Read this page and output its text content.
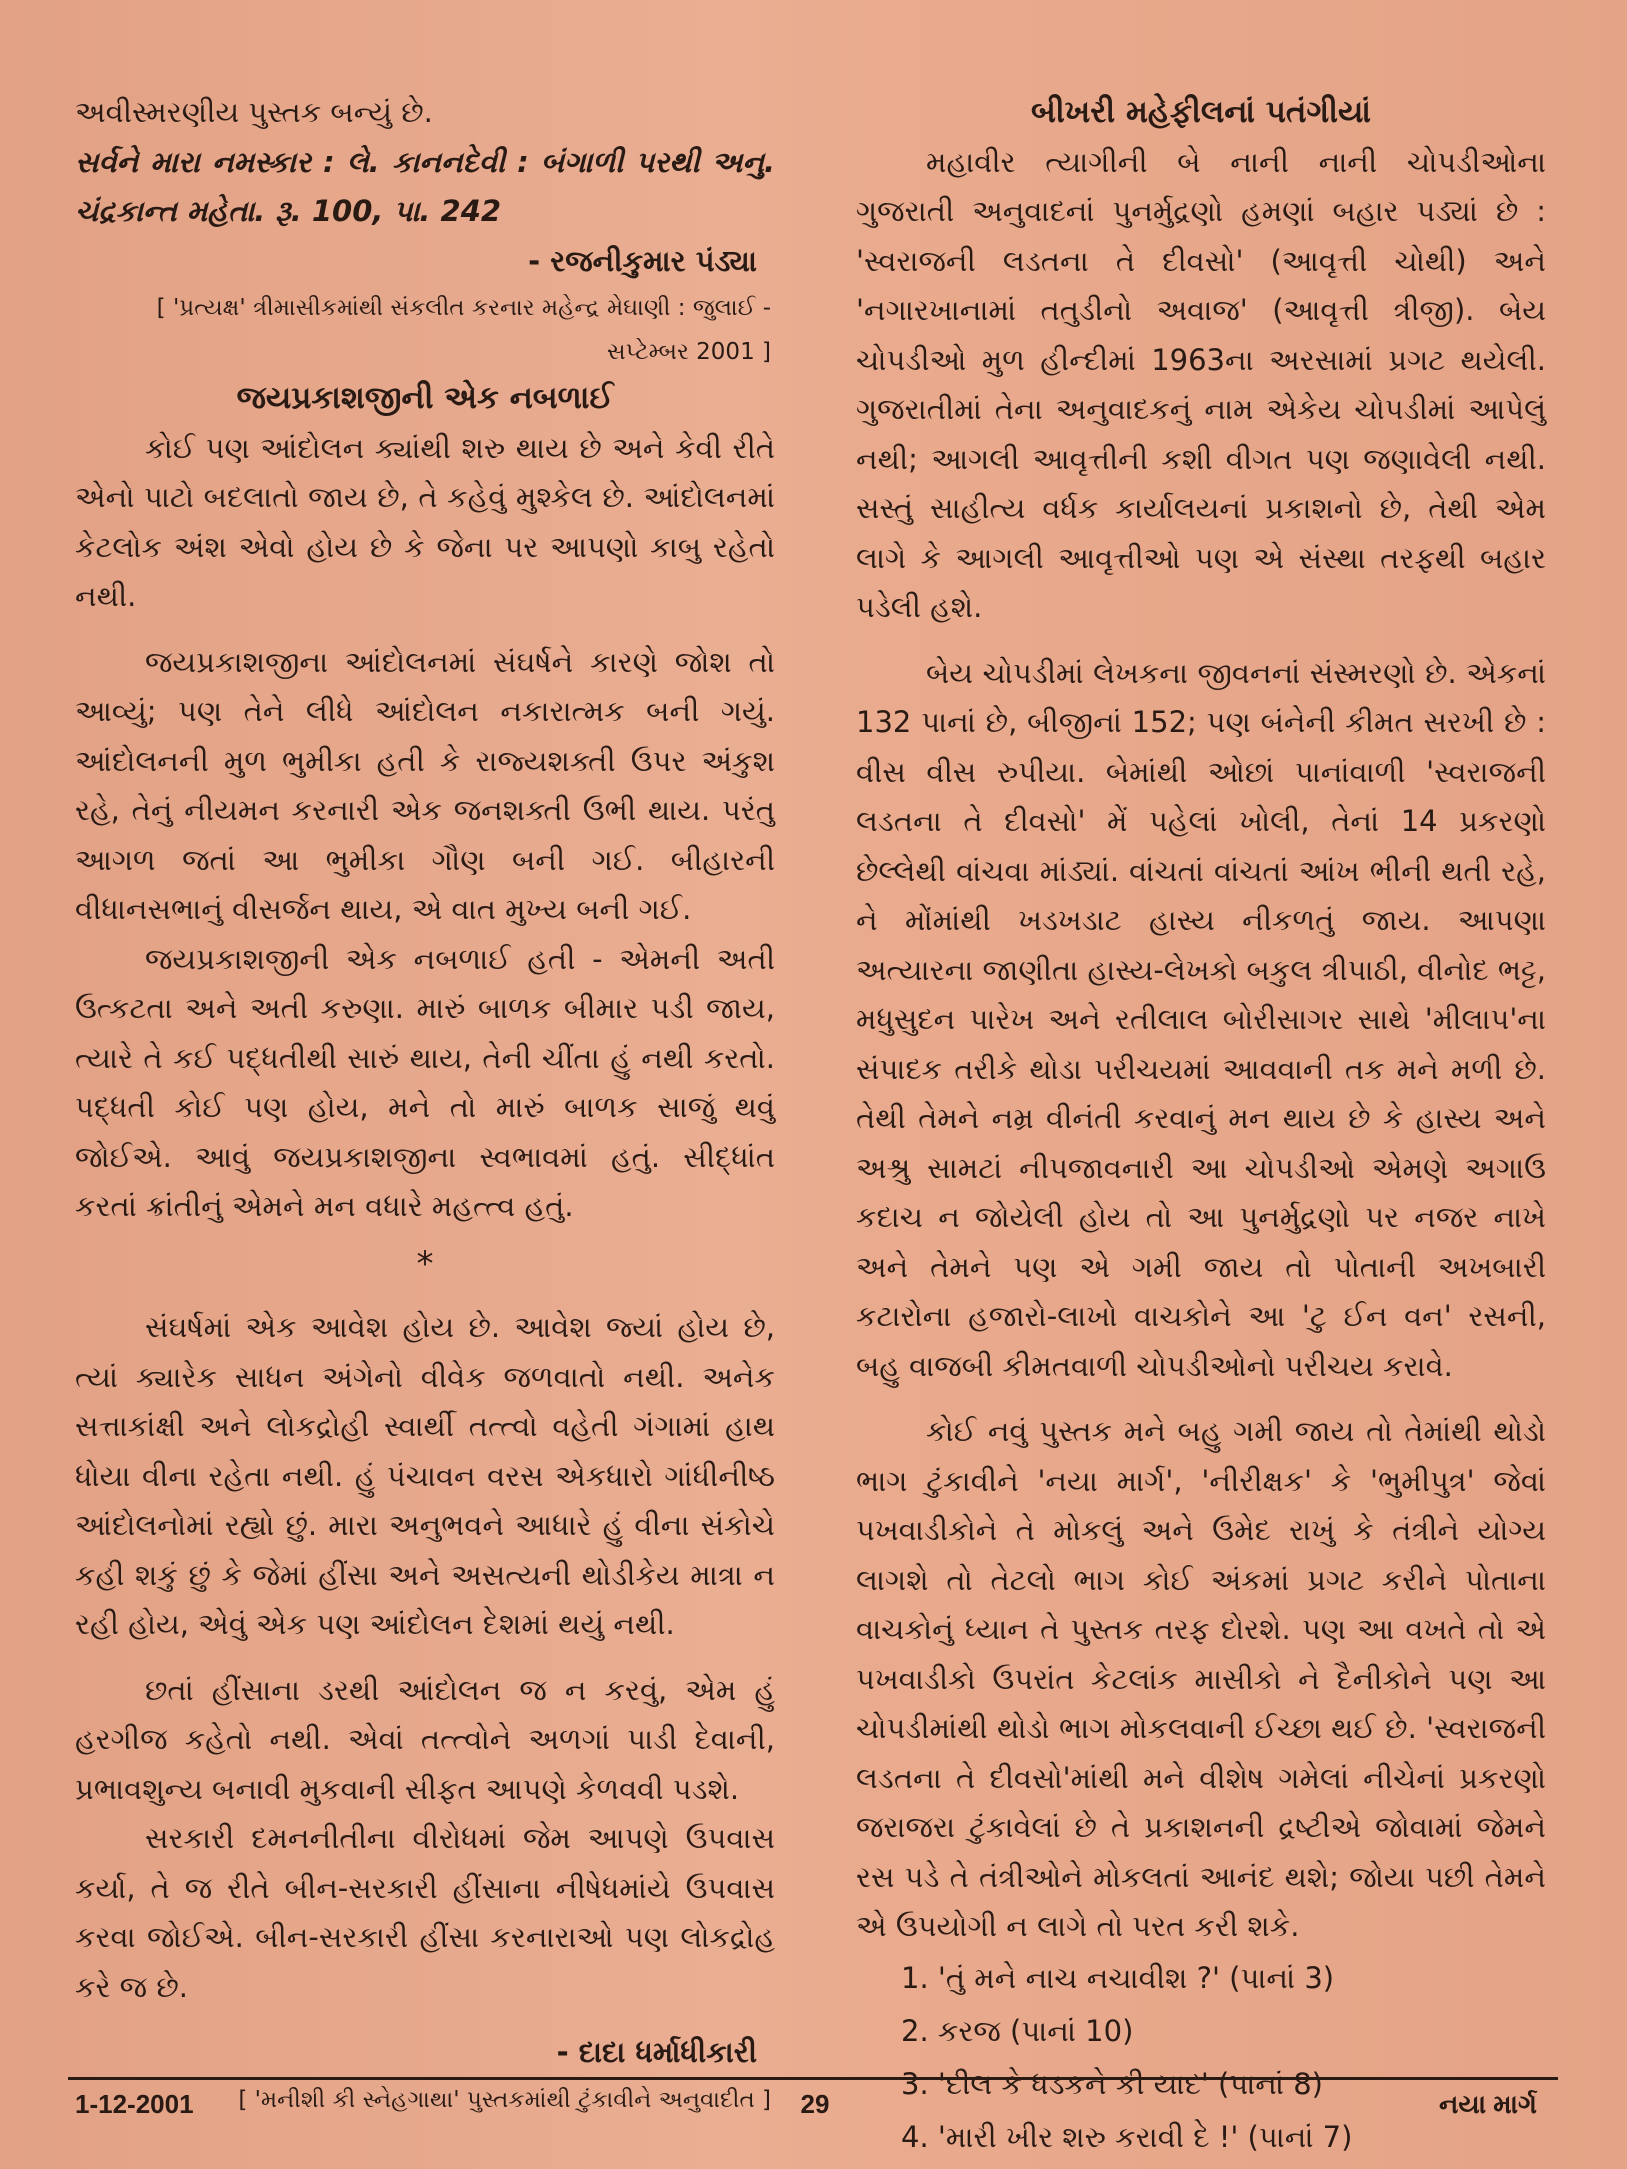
અવીસ્મરણીય પુસ્તક બન્યું છે.

સર્વને મારા નમસ્કાર : લે. કાનનદેવી : બંગાળી પરથી અનુ. ચંદ્રકાન્ત મહેતા. રૂ. 100, પા. 242

- રજનીકુમાર પંડ્યા

[ 'પ્રત્યક્ષ' ત્રીમાસીકમાંથી સંકલીત કરનાર મહેન્દ્ર મેઘાણી : જુલાઈ - સપ્ટેમ્બર 2001 ]

જયપ્રકાશજીની એક નબળાઈ

કોઈ પણ આંદોલન ક્યાંથી શરુ થાય છે અને કેવી રીતે એનો પાટો બદલાતો જાય છે, તે કહેવું મુશ્કેલ છે. આંદોલનમાં કેટલોક અંશ એવો હોય છે કે જેના પર આપણો કાબુ રહેતો નથી.

જયપ્રકાશજીના આંદોલનમાં સંઘર્ષને કારણે જોશ તો આવ્યું; પણ તેને લીધે આંદોલન નકારાત્મક બની ગયું. આંદોલનની મુળ ભુમીકા હતી કે રાજ્યશક્તી ઉપર અંકુશ રહે, તેનું નીયમન કરનારી એક જનશક્તી ઉભી થાય. પરંતુ આગળ જતાં આ ભુમીકા ગૌણ બની ગઈ. બીહારની વીધાનસભાનું વીસર્જન થાય, એ વાત મુખ્ય બની ગઈ.

જયપ્રકાશજીની એક નબળાઈ હતી - એમની અતી ઉત્કટતા અને અતી કરુણા. મારું બાળક બીમાર પડી જાય, ત્યારે તે કઈ પદ્ધતીથી સારું થાય, તેની ચીંતા હું નથી કરતો. પદ્ધતી કોઈ પણ હોય, મને તો મારું બાળક સાજું થવું જોઈએ. આવું જયપ્રકાશજીના સ્વભાવમાં હતું. સીદ્ધાંત કરતાં ક્રાંતીનું એમને મન વધારે મહત્ત્વ હતું.

*

સંઘર્ષમાં એક આવેશ હોય છે. આવેશ જ્યાં હોય છે, ત્યાં ક્યારેક સાધન અંગેનો વીવેક જળવાતો નથી. અનેક સત્તાકાંક્ષી અને લોકદ્રોહી સ્વાર્થી તત્ત્વો વહેતી ગંગામાં હાથ ધોયા વીના રહેતા નથી. હું પંચાવન વરસ એકધારો ગાંધીનીષ્ઠ આંદોલનોમાં રહ્યો છું. મારા અનુભવને આધારે હું વીના સંકોચે કહી શકું છું કે જેમાં હીંસા અને અસત્યની થોડીકેય માત્રા ન રહી હોય, એવું એક પણ આંદોલન દેશમાં થયું નથી.

છતાં હીંસાના ડરથી આંદોલન જ ન કરવું, એમ હું હરગીજ કહેતો નથી. એવાં તત્ત્વોને અળગાં પાડી દેવાની, પ્રભાવશુન્ય બનાવી મુકવાની સીફત આપણે કેળવવી પડશે.

સરકારી દમનનીતીના વીરોધમાં જેમ આપણે ઉપવાસ કર્યા, તે જ રીતે બીન-સરકારી હીંસાના નીષેધમાંયે ઉપવાસ કરવા જોઈએ. બીન-સરકારી હીંસા કરનારાઓ પણ લોકદ્રોહ કરે જ છે.

- દાદા ધર્માધીકારી

[ 'મનીશી કી સ્નેહગાથા' પુસ્તકમાંથી ટુંકાવીને અનુવાદીત ]

બીખરી મહેફીલનાં પતંગીયાં

મહાવીર ત્યાગીની બે નાની નાની ચોપડીઓના ગુજરાતી અનુવાદનાં પુનર્મુદ્રણો હમણાં બહાર પડ્યાં છે : 'સ્વરાજની લડતના તે દીવસો' (આવૃત્તી ચોથી) અને 'નગારખાનામાં તતુડીનો અવાજ' (આવૃત્તી ત્રીજી). બેય ચોપડીઓ મુળ હીન્દીમાં 1963ના અરસામાં પ્રગટ થયેલી. ગુજરાતીમાં તેના અનુવાદકનું નામ એકેય ચોપડીમાં આપેલું નથી; આગલી આવૃત્તીની કશી વીગત પણ જણાવેલી નથી. સસ્તું સાહીત્ય વર્ધક કાર્યાલયનાં પ્રકાશનો છે, તેથી એમ લાગે કે આગલી આવૃત્તીઓ પણ એ સંસ્થા તરફથી બહાર પડેલી હશે.

બેય ચોપડીમાં લેખકના જીવનનાં સંસ્મરણો છે. એકનાં 132 પાનાં છે, બીજીનાં 152; પણ બંનેની કીમત સરખી છે : વીસ વીસ રુપીયા. બેમાંથી ઓછાં પાનાંવાળી 'સ્વરાજની લડતના તે દીવસો' મેં પહેલાં ખોલી, તેનાં 14 પ્રકરણો છેલ્લેથી વાંચવા માંડ્યાં. વાંચતાં વાંચતાં આંખ ભીની થતી રહે, ને મોંમાંથી ખડખડાટ હાસ્ય નીકળતું જાય. આપણા અત્યારના જાણીતા હાસ્ય-લેખકો બકુલ ત્રીપાઠી, વીનોદ ભટ્ટ, મધુસુદન પારેખ અને રતીલાલ બોરીસાગર સાથે 'મીલાપ'ના સંપાદક તરીકે થોડા પરીચયમાં આવવાની તક મને મળી છે. તેથી તેમને નમ્ર વીનંતી કરવાનું મન થાય છે કે હાસ્ય અને અશ્રુ સામટાં નીપજાવનારી આ ચોપડીઓ એમણે અગાઉ કદાચ ન જોયેલી હોય તો આ પુનર્મુદ્રણો પર નજર નાખે અને તેમને પણ એ ગમી જાય તો પોતાની અખબારી કટારોના હજારો-લાખો વાચકોને આ 'ટુ ઈન વન' રસની, બહુ વાજબી કીમતવાળી ચોપડીઓનો પરીચય કરાવે.

કોઈ નવું પુસ્તક મને બહુ ગમી જાય તો તેમાંથી થોડો ભાગ ટુંકાવીને 'નયા માર્ગ', 'નીરીક્ષક' કે 'ભુમીપુત્ર' જેવાં પખવાડીકોને તે મોકલું અને ઉમેદ રાખું કે તંત્રીને યોગ્ય લાગશે તો તેટલો ભાગ કોઈ અંકમાં પ્રગટ કરીને પોતાના વાચકોનું ધ્યાન તે પુસ્તક તરફ દોરશે. પણ આ વખતે તો એ પખવાડીકો ઉપરાંત કેટલાંક માસીકો ને દૈનીકોને પણ આ ચોપડીમાંથી થોડો ભાગ મોકલવાની ઈચ્છા થઈ છે. 'સ્વરાજની લડતના તે દીવસો'માંથી મને વીશેષ ગમેલાં નીચેનાં પ્રકરણો જરાજરા ટુંકાવેલાં છે તે પ્રકાશનની દ્રષ્ટીએ જોવામાં જેમને રસ પડે તે તંત્રીઓને મોકલતાં આનંદ થશે; જોયા પછી તેમને એ ઉપયોગી ન લાગે તો પરત કરી શકે.

1. 'તું મને નાચ નચાવીશ ?' (પાનાં 3)
2. કરજ (પાનાં 10)
3. 'દીલ કે ધડકને કી યાદ' (પાનાં 8)
4. 'મારી ખીર શરુ કરાવી દે !' (પાનાં 7)
1-12-2001	29	નયા માર્ગ
